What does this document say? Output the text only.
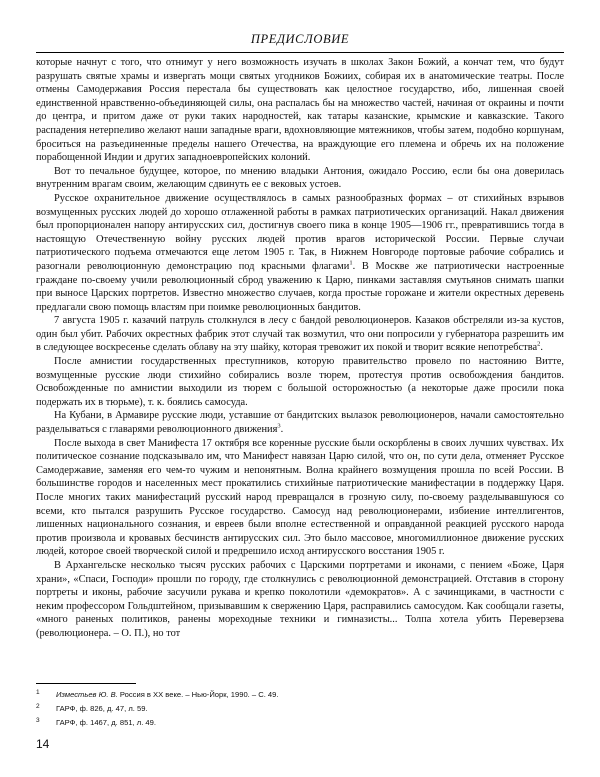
ПРЕДИСЛОВИЕ

которые начнут с того, что отнимут у него возможность изучать в школах Закон Божий, а кончат тем, что будут разрушать святые храмы и извергать мощи святых угодников Божиих, собирая их в анатомические театры. После отмены Самодержавия Россия перестала бы существовать как целостное государство, ибо, лишенная своей единственной нравственно-объединяющей силы, она распалась бы на множество частей, начиная от окраины и почти до центра, и притом даже от руки таких народностей, как татары казанские, крымские и кавказские. Такого распадения нетерпеливо желают наши западные враги, вдохновляющие мятежников, чтобы затем, подобно коршунам, броситься на разъединенные пределы нашего Отечества, на враждующие его племена и обречь их на положение порабощенной Индии и других западноевропейских колоний.

Вот то печальное будущее, которое, по мнению владыки Антония, ожидало Россию, если бы она доверилась внутренним врагам своим, желающим сдвинуть ее с вековых устоев.

Русское охранительное движение осуществлялось в самых разнообразных формах – от стихийных взрывов возмущенных русских людей до хорошо отлаженной работы в рамках патриотических организаций. Накал движения был пропорционален напору антирусских сил, достигнув своего пика в конце 1905—1906 гг., превратившись тогда в настоящую Отечественную войну русских людей против врагов исторической России. Первые случаи патриотического подъема отмечаются еще летом 1905 г. Так, в Нижнем Новгороде портовые рабочие собрались и разогнали революционную демонстрацию под красными флагами$^1$. В Москве же патриотически настроенные граждане по-своему учили революционный сброд уважению к Царю, пинками заставляя смутьянов снимать шапки при выносе Царских портретов. Известно множество случаев, когда простые горожане и жители окрестных деревень предлагали свою помощь властям при поимке революционных бандитов.

7 августа 1905 г. казачий патруль столкнулся в лесу с бандой революционеров. Казаков обстреляли из-за кустов, один был убит. Рабочих окрестных фабрик этот случай так возмутил, что они попросили у губернатора разрешить им в следующее воскресенье сделать облаву на эту шайку, которая тревожит их покой и творит всякие непотребства$^2$.

После амнистии государственных преступников, которую правительство провело по настоянию Витте, возмущенные русские люди стихийно собирались возле тюрем, протестуя против освобождения бандитов. Освобожденные по амнистии выходили из тюрем с большой осторожностью (а некоторые даже просили пока подержать их в тюрьме), т. к. боялись самосуда.

На Кубани, в Армавире русские люди, уставшие от бандитских вылазок революционеров, начали самостоятельно разделываться с главарями революционного движения$^3$.

После выхода в свет Манифеста 17 октября все коренные русские были оскорблены в своих лучших чувствах. Их политическое сознание подсказывало им, что Манифест навязан Царю силой, что он, по сути дела, отменяет Русское Самодержавие, заменяя его чем-то чужим и непонятным. Волна крайнего возмущения прошла по всей России. В большинстве городов и населенных мест прокатились стихийные патриотические манифестации в поддержку Царя. После многих таких манифестаций русский народ превращался в грозную силу, по-своему разделывавшуюся со всеми, кто пытался разрушить Русское государство. Самосуд над революционерами, избиение интеллигентов, лишенных национального сознания, и евреев были вполне естественной и оправданной реакцией русского народа против произвола и кровавых бесчинств антирусских сил. Это было массовое, многомиллионное движение русских людей, которое своей творческой силой и предрешило исход антирусского восстания 1905 г.

В Архангельске несколько тысяч русских рабочих с Царскими портретами и иконами, с пением «Боже, Царя храни», «Спаси, Господи» прошли по городу, где столкнулись с революционной демонстрацией. Отставив в сторону портреты и иконы, рабочие засучили рукава и крепко поколотили «демократов». А с зачинщиками, в частности с неким профессором Гольдштейном, призывавшим к свержению Царя, расправились самосудом. Как сообщали газеты, «много раненых политиков, ранены мореходные техники и гимназисты... Толпа хотела убить Переверзева (революционера. – О. П.), но тот

1 Изместьев Ю. В. Россия в XX веке. – Нью-Йорк, 1990. – С. 49.
2 ГАРФ, ф. 826, д. 47, л. 59.
3 ГАРФ, ф. 1467, д. 851, л. 49.
14
